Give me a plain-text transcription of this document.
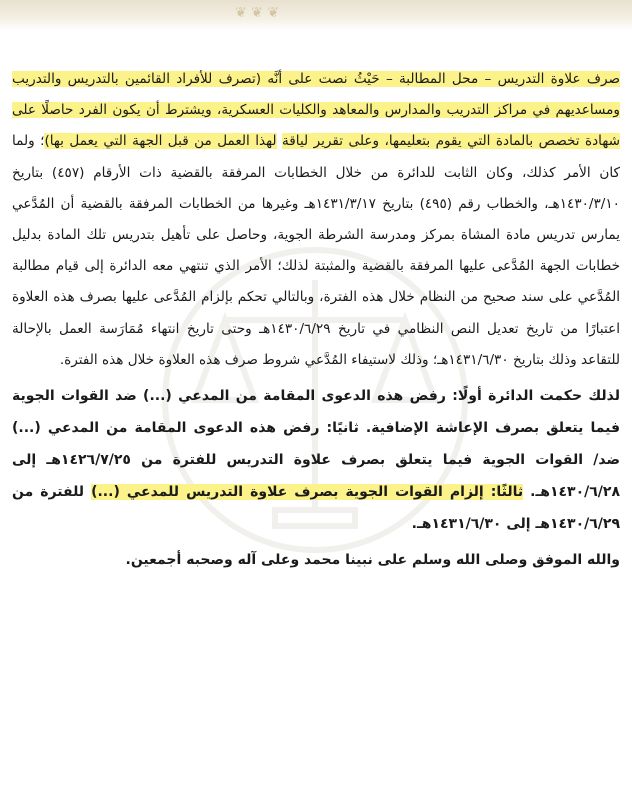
❦ ❦ ❦

صرف علاوة التدريس – محل المطالبة – حَيْثُ نصت على أنَّه (تصرف للأفراد القائمين بالتدريس والتدريب ومساعديهم في مراكز التدريب والمدارس والمعاهد والكليات العسكرية، ويشترط أن يكون الفرد حاصلًا على شهادة تخصص بالمادة التي يقوم بتعليمها، وعلى تقرير لياقة لهذا العمل من قبل الجهة التي يعمل بها)؛ ولما كان الأمر كذلك، وكان الثابت للدائرة من خلال الخطابات المرفقة بالقضية ذات الأرقام (٤٥٧) بتاريخ ١٤٣٠/٣/١٠هـ، والخطاب رقم (٤٩٥) بتاريخ ١٤٣١/٣/١٧هـ وغيرها من الخطابات المرفقة بالقضية أن المُدَّعي يمارس تدريس مادة المشاة بمركز ومدرسة الشرطة الجوية، وحاصل على تأهيل بتدريس تلك المادة بدليل خطابات الجهة المُدَّعى عليها المرفقة بالقضية والمثبتة لذلك؛ الأمر الذي تنتهي معه الدائرة إلى قيام مطالبة المُدَّعي على سند صحيح من النظام خلال هذه الفترة، وبالتالي تحكم بإلزام المُدَّعى عليها بصرف هذه العلاوة اعتبارًا من تاريخ تعديل النص النظامي في تاريخ ١٤٣٠/٦/٢٩هـ وحتى تاريخ انتهاء مُمَارَسة العمل بالإحالة للتقاعد وذلك بتاريخ ١٤٣١/٦/٣٠هـ؛ وذلك لاستيفاء المُدَّعي شروط صرف هذه العلاوة خلال هذه الفترة.

لذلك حكمت الدائرة أولًا: رفض هذه الدعوى المقامة من المدعي (...) ضد القوات الجوية فيما يتعلق بصرف الإعاشة الإضافية. ثانيًا: رفض هذه الدعوى المقامة من المدعي (...) ضد/ القوات الجوية فيما يتعلق بصرف علاوة التدريس للفترة من ١٤٢٦/٧/٢٥هـ إلى ١٤٣٠/٦/٢٨هـ. ثالثًا: إلزام القوات الجوية بصرف علاوة التدريس للمدعي (...) للفترة من ١٤٣٠/٦/٢٩هـ إلى ١٤٣١/٦/٣٠هـ.

والله الموفق وصلى الله وسلم على نبينا محمد وعلى آله وصحبه أجمعين.
